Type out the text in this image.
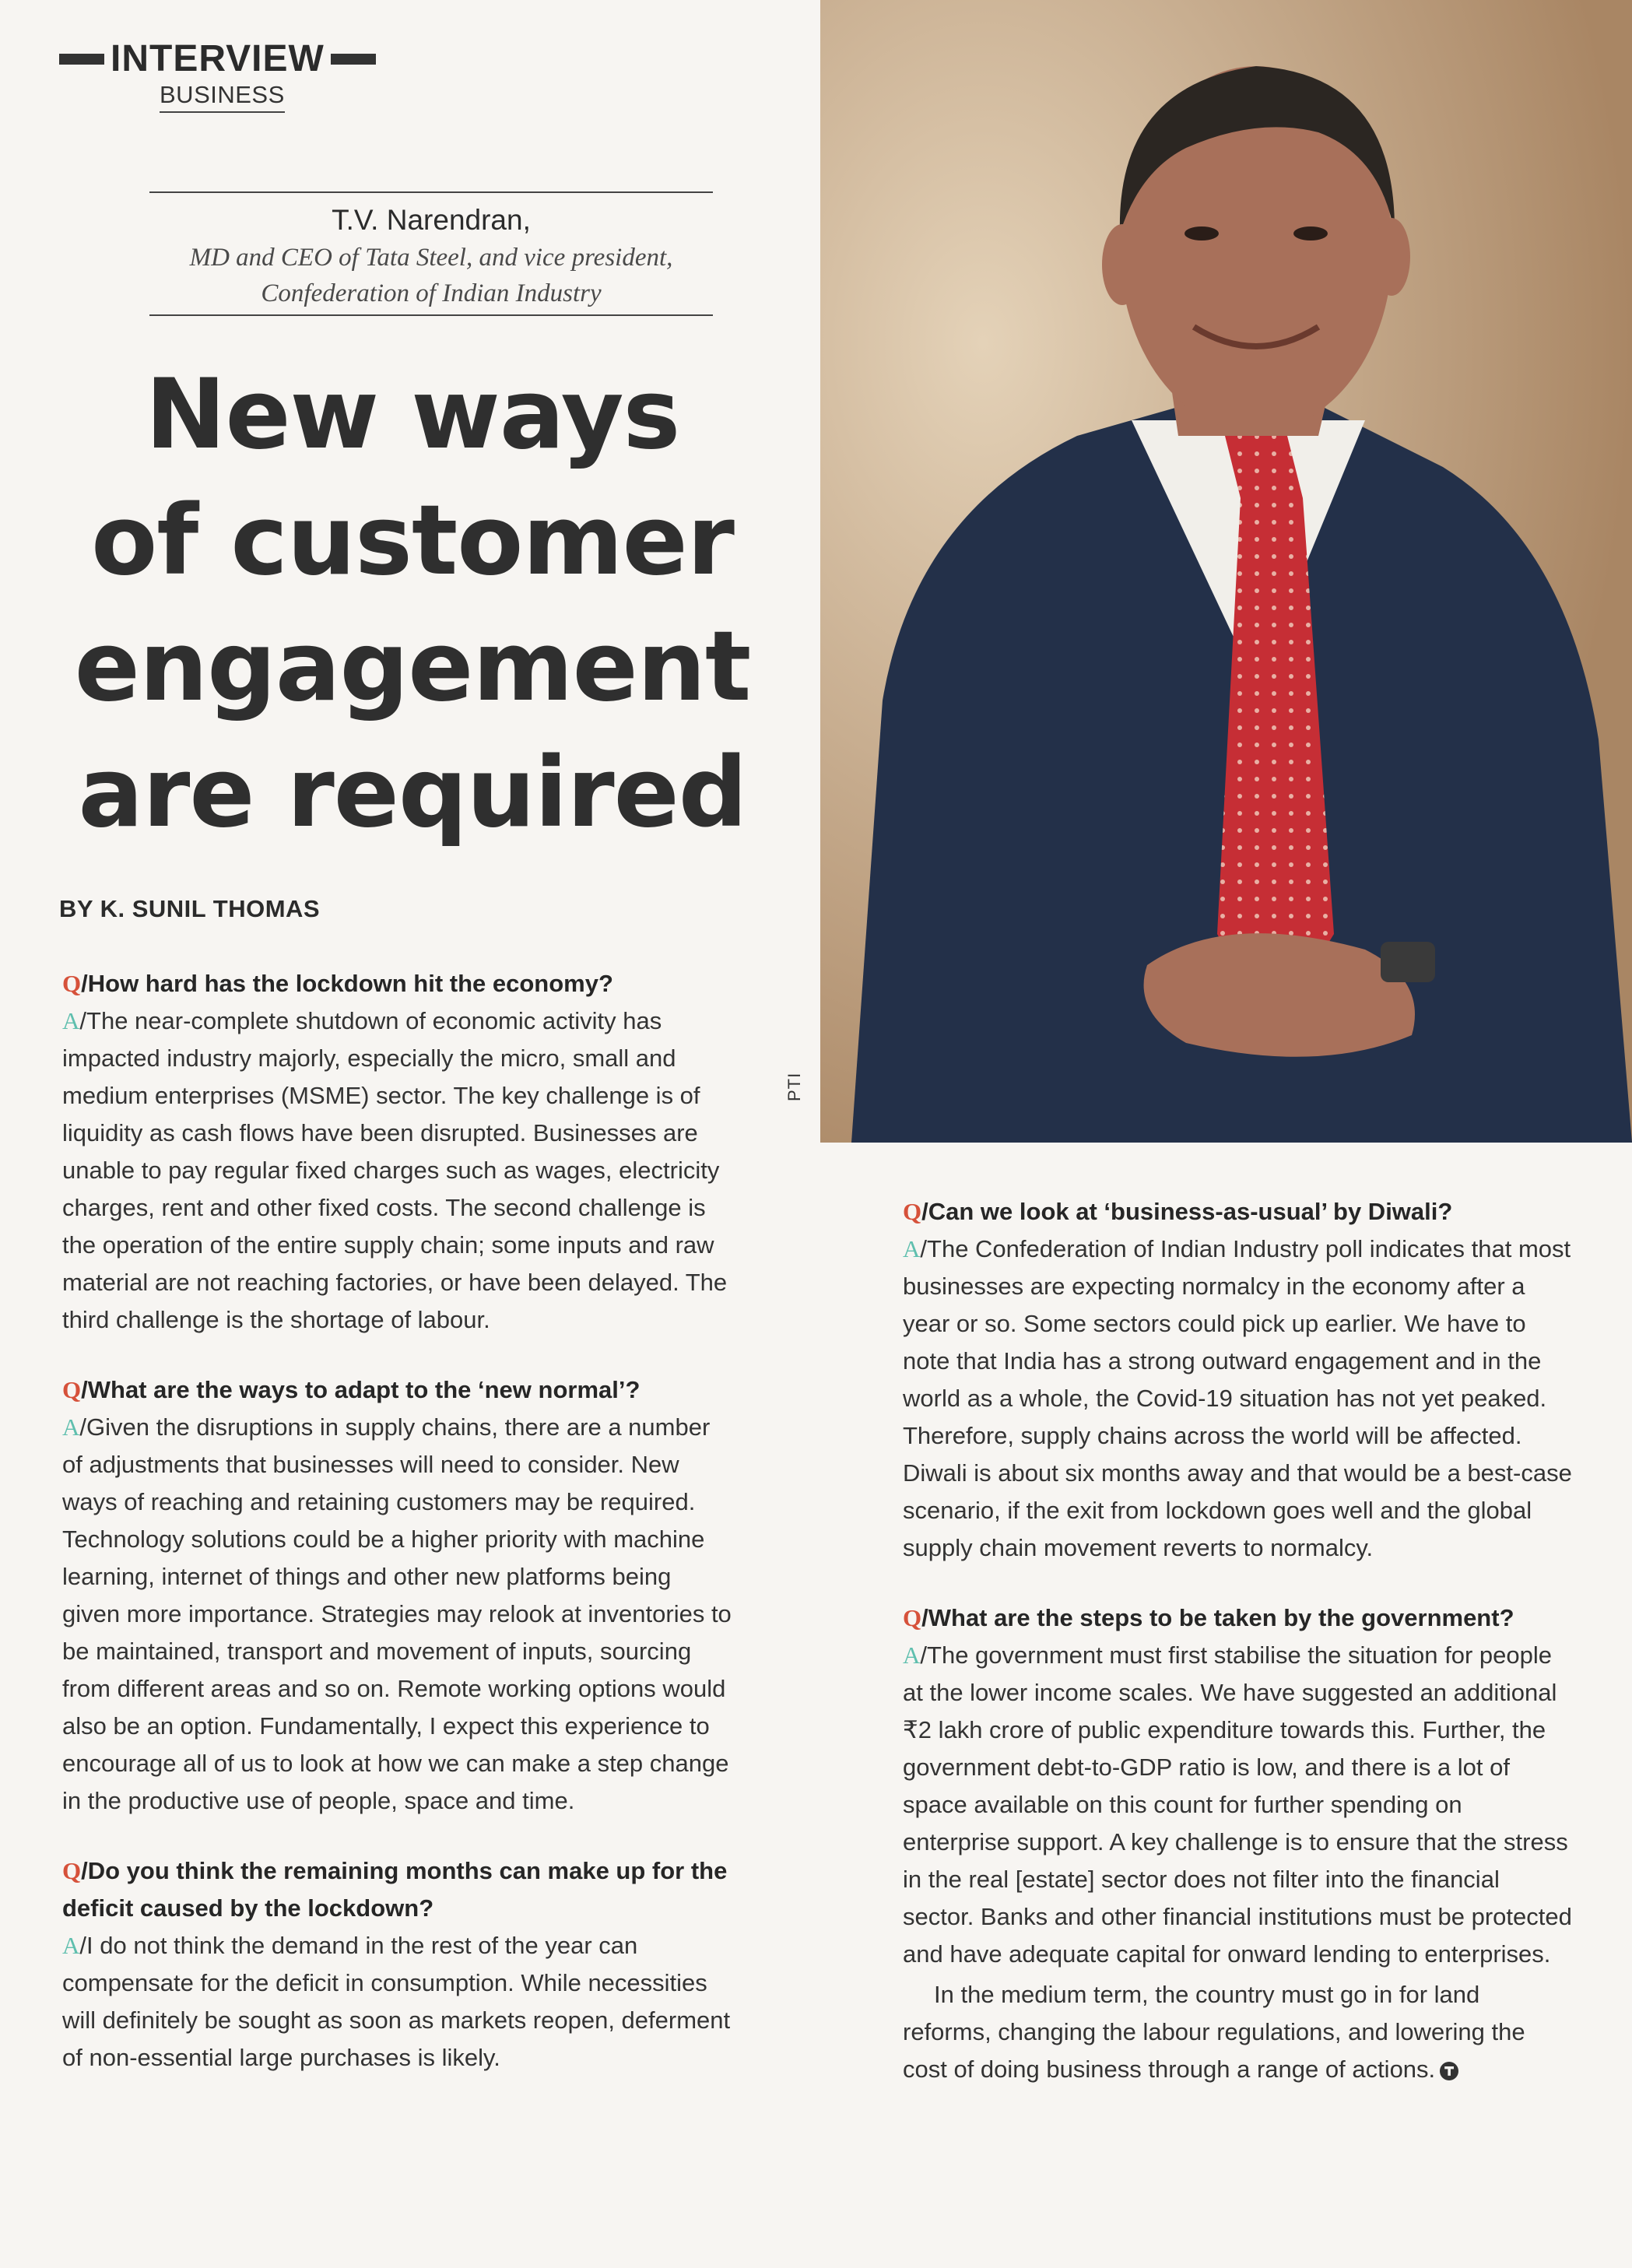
INTERVIEW
BUSINESS
T.V. Narendran,
MD and CEO of Tata Steel, and vice president,
Confederation of Indian Industry
New ways
of customer
engagement
are required
BY K. SUNIL THOMAS
PTI
Q/How hard has the lockdown hit the economy?
A/The near-complete shutdown of economic activity has impacted industry majorly, especially the micro, small and medium enterprises (MSME) sector. The key challenge is of liquidity as cash flows have been disrupted. Businesses are unable to pay regular fixed charges such as wages, electricity charges, rent and other fixed costs. The second challenge is the operation of the entire supply chain; some inputs and raw material are not reaching factories, or have been delayed. The third challenge is the shortage of labour.
Q/What are the ways to adapt to the ‘new normal’?
A/Given the disruptions in supply chains, there are a number of adjustments that businesses will need to consider. New ways of reaching and retaining customers may be required. Technology solutions could be a higher priority with machine learning, internet of things and other new platforms being given more importance. Strategies may relook at inventories to be maintained, transport and movement of inputs, sourcing from different areas and so on. Remote working options would also be an option. Fundamentally, I expect this experience to encourage all of us to look at how we can make a step change in the productive use of people, space and time.
Q/Do you think the remaining months can make up for the deficit caused by the lockdown?
A/I do not think the demand in the rest of the year can compensate for the deficit in consumption. While necessities will definitely be sought as soon as markets reopen, deferment of non-essential large purchases is likely.
Q/Can we look at ‘business-as-usual’ by Diwali?
A/The Confederation of Indian Industry poll indicates that most businesses are expecting normalcy in the economy after a year or so. Some sectors could pick up earlier. We have to note that India has a strong outward engagement and in the world as a whole, the Covid-19 situation has not yet peaked. Therefore, supply chains across the world will be affected. Diwali is about six months away and that would be a best-case scenario, if the exit from lockdown goes well and the global supply chain movement reverts to normalcy.
Q/What are the steps to be taken by the government?
A/The government must first stabilise the situation for people at the lower income scales. We have suggested an additional ₹2 lakh crore of public expenditure towards this. Further, the government debt-to-GDP ratio is low, and there is a lot of space available on this count for further spending on enterprise support. A key challenge is to ensure that the stress in the real [estate] sector does not filter into the financial sector. Banks and other financial institutions must be protected and have adequate capital for onward lending to enterprises.
In the medium term, the country must go in for land reforms, changing the labour regulations, and lowering the cost of doing business through a range of actions.
